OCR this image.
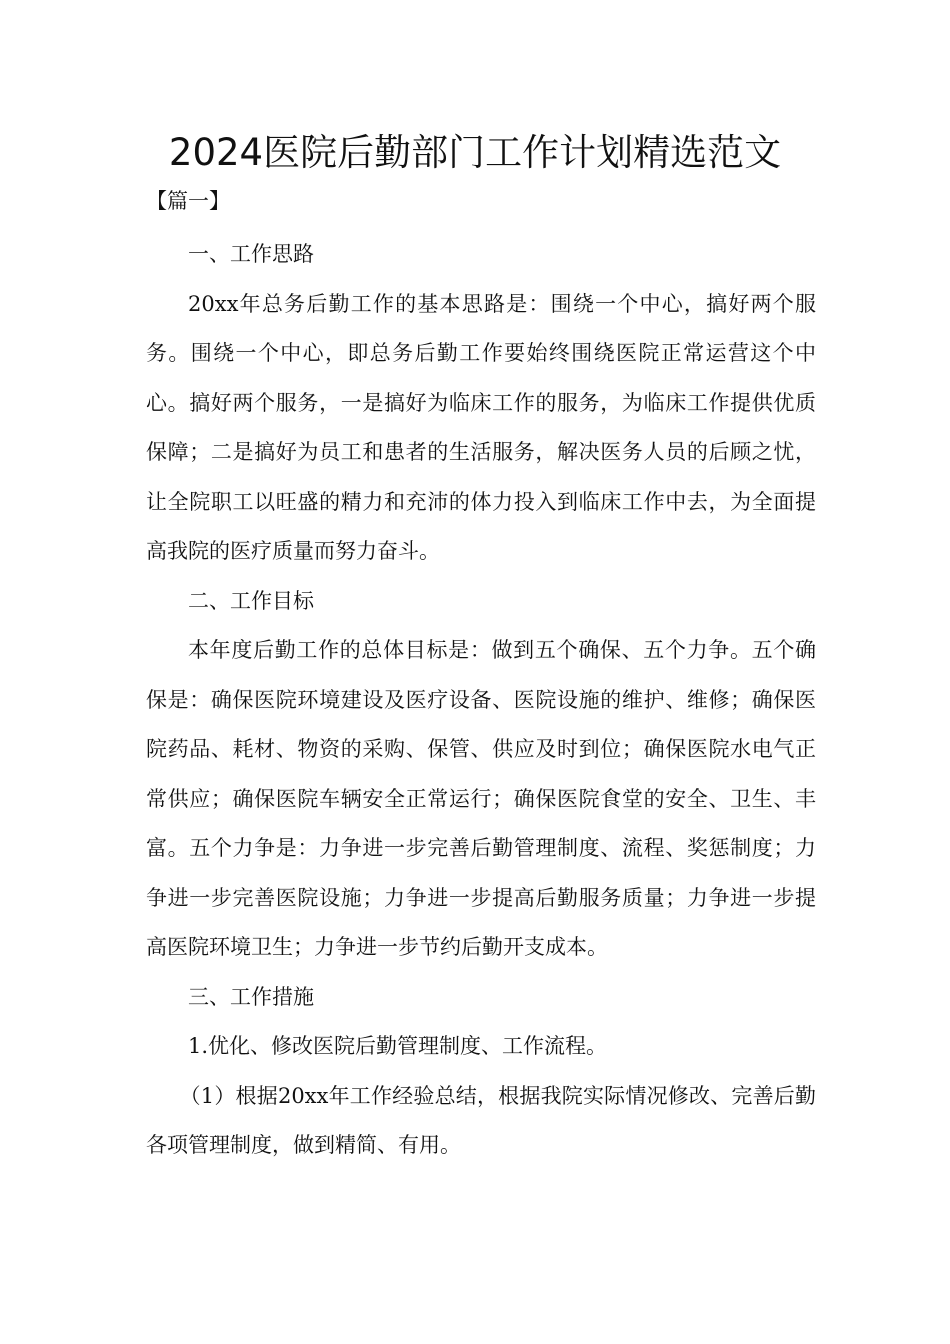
2024医院后勤部门工作计划精选范文
【篇一】

一、工作思路

20xx年总务后勤工作的基本思路是：围绕一个中心，搞好两个服务。围绕一个中心，即总务后勤工作要始终围绕医院正常运营这个中心。搞好两个服务，一是搞好为临床工作的服务，为临床工作提供优质保障；二是搞好为员工和患者的生活服务，解决医务人员的后顾之忧，让全院职工以旺盛的精力和充沛的体力投入到临床工作中去，为全面提高我院的医疗质量而努力奋斗。

二、工作目标

本年度后勤工作的总体目标是：做到五个确保、五个力争。五个确保是：确保医院环境建设及医疗设备、医院设施的维护、维修；确保医院药品、耗材、物资的采购、保管、供应及时到位；确保医院水电气正常供应；确保医院车辆安全正常运行；确保医院食堂的安全、卫生、丰富。五个力争是：力争进一步完善后勤管理制度、流程、奖惩制度；力争进一步完善医院设施；力争进一步提高后勤服务质量；力争进一步提高医院环境卫生；力争进一步节约后勤开支成本。

三、工作措施

1.优化、修改医院后勤管理制度、工作流程。

（1）根据20xx年工作经验总结，根据我院实际情况修改、完善后勤各项管理制度，做到精简、有用。
